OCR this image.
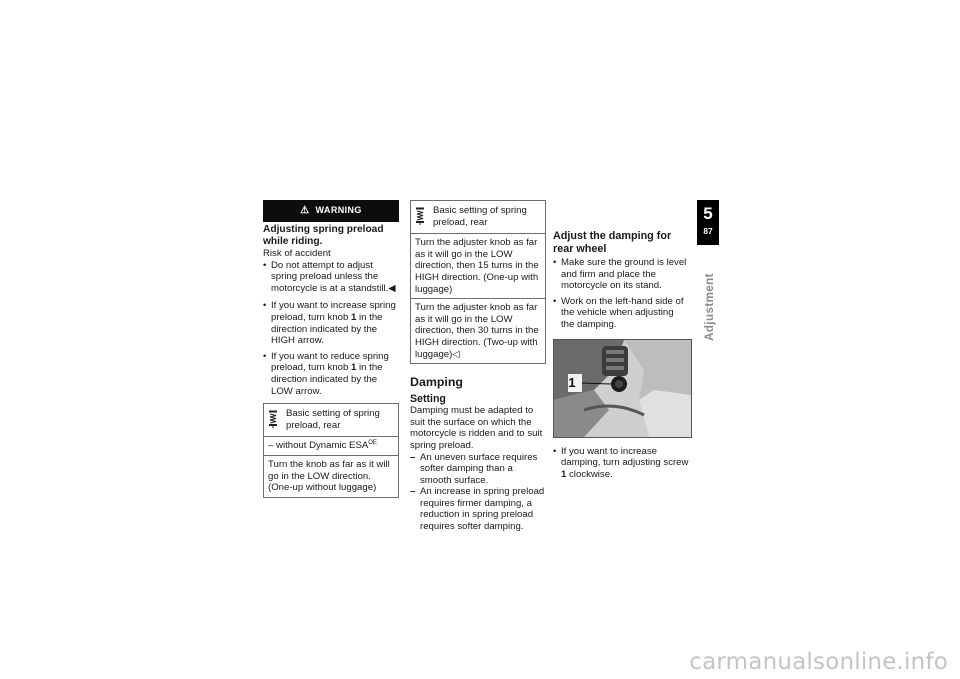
⚠ WARNING
Adjusting spring preload while riding.

Risk of accident

• Do not attempt to adjust spring preload unless the motorcycle is at a standstill.◀
• If you want to increase spring preload, turn knob 1 in the direction indicated by the HIGH arrow.
• If you want to reduce spring preload, turn knob 1 in the direction indicated by the LOW arrow.
Basic setting of spring preload, rear
– without Dynamic $ESA^{OE}$
Turn the knob as far as it will go in the LOW direction. (One-up without luggage)
Basic setting of spring preload, rear
Turn the adjuster knob as far as it will go in the LOW direction, then 15 turns in the HIGH direction. (One-up with luggage)
Turn the adjuster knob as far as it will go in the LOW direction, then 30 turns in the HIGH direction. (Two-up with luggage)◁
Damping
Setting

Damping must be adapted to suit the surface on which the motorcycle is ridden and to suit spring preload.

– An uneven surface requires softer damping than a smooth surface.
– An increase in spring preload requires firmer damping, a reduction in spring preload requires softer damping.
Adjust the damping for rear wheel
• Make sure the ground is level and firm and place the motorcycle on its stand.
• Work on the left-hand side of the vehicle when adjusting the damping.
1
• If you want to increase damping, turn adjusting screw 1 clockwise.
5
87
Adjustment
carmanualsonline.info
